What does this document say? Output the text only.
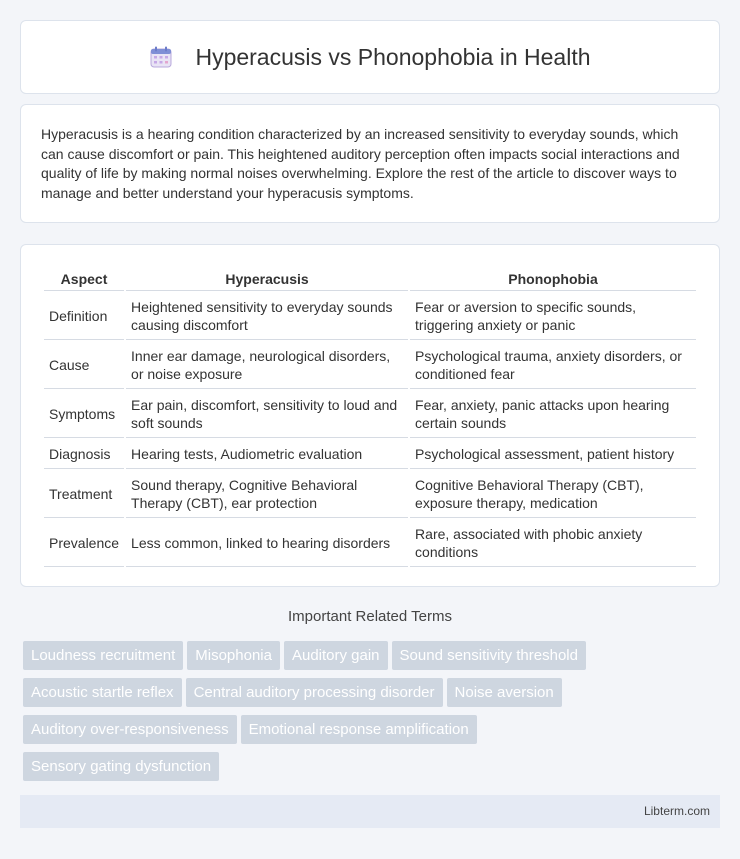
Hyperacusis vs Phonophobia in Health

Hyperacusis is a hearing condition characterized by an increased sensitivity to everyday sounds, which can cause discomfort or pain. This heightened auditory perception often impacts social interactions and quality of life by making normal noises overwhelming. Explore the rest of the article to discover ways to manage and better understand your hyperacusis symptoms.

Aspect	Hyperacusis	Phonophobia
Definition	Heightened sensitivity to everyday sounds causing discomfort	Fear or aversion to specific sounds, triggering anxiety or panic
Cause	Inner ear damage, neurological disorders, or noise exposure	Psychological trauma, anxiety disorders, or conditioned fear
Symptoms	Ear pain, discomfort, sensitivity to loud and soft sounds	Fear, anxiety, panic attacks upon hearing certain sounds
Diagnosis	Hearing tests, Audiometric evaluation	Psychological assessment, patient history
Treatment	Sound therapy, Cognitive Behavioral Therapy (CBT), ear protection	Cognitive Behavioral Therapy (CBT), exposure therapy, medication
Prevalence	Less common, linked to hearing disorders	Rare, associated with phobic anxiety conditions
Important Related Terms
Loudness recruitment Misophonia Auditory gain Sound sensitivity threshold
Acoustic startle reflex Central auditory processing disorder Noise aversion
Auditory over-responsiveness Emotional response amplification
Sensory gating dysfunction
Libterm.com
